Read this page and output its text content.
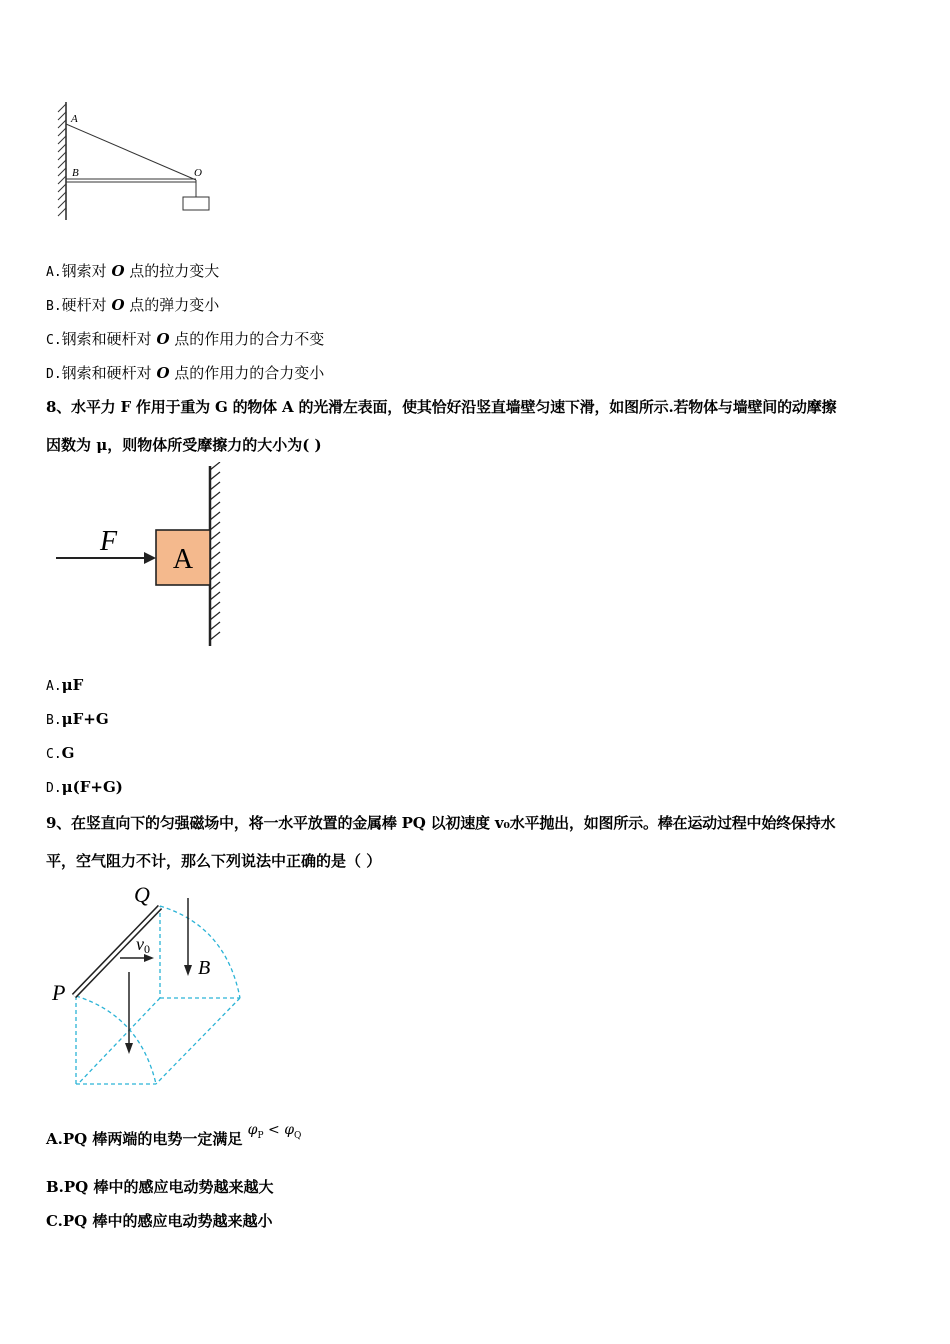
A
B	O
A.钢索对 O 点的拉力变大
B.硬杆对 O 点的弹力变小
C.钢索和硬杆对 O 点的作用力的合力不变
D.钢索和硬杆对 O 点的作用力的合力变小
8、水平力 F 作用于重为 G 的物体 A 的光滑左表面，使其恰好沿竖直墙壁匀速下滑，如图所示.若物体与墙壁间的动摩擦
因数为 μ，则物体所受摩擦力的大小为( )
A
F
A.μF
B.μF+G
C.G
D.μ(F+G)
9、在竖直向下的匀强磁场中，将一水平放置的金属棒 PQ 以初速度 v₀水平抛出，如图所示。棒在运动过程中始终保持水
平，空气阻力不计，那么下列说法中正确的是（ ）
v0
B
Q
P
A.PQ 棒两端的电势一定满足 $\varphi_P < \varphi_Q$
B.PQ 棒中的感应电动势越来越大
C.PQ 棒中的感应电动势越来越小
